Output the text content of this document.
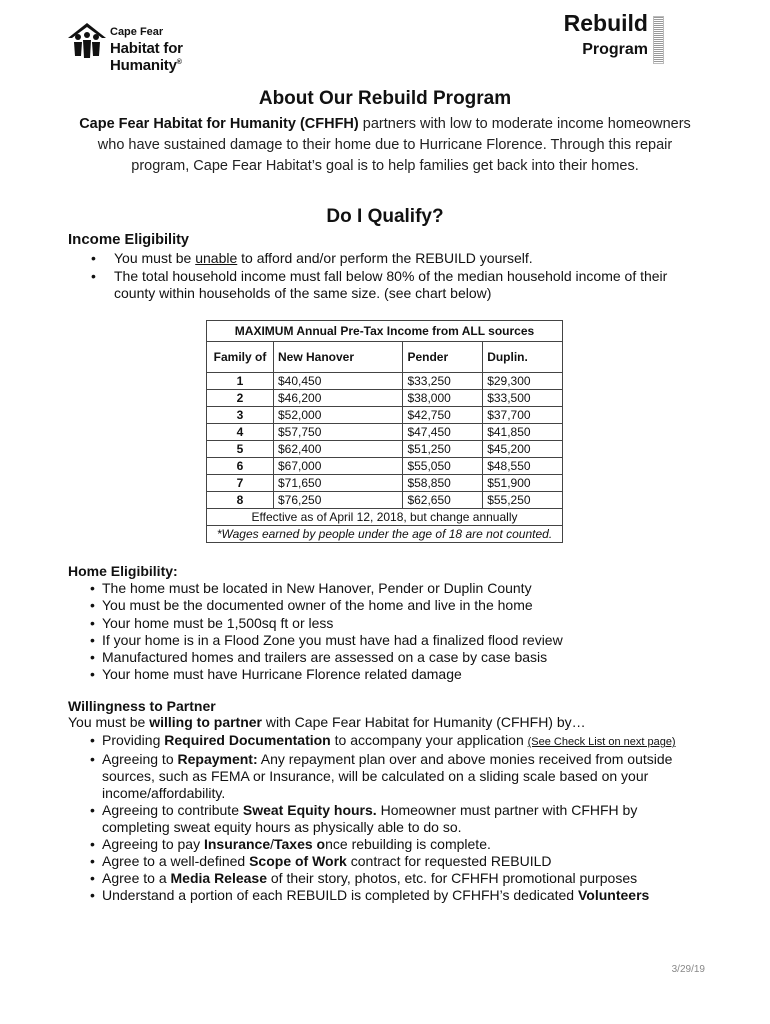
Cape Fear
Habitat for Humanity®
Rebuild
Program
About Our Rebuild Program
Cape Fear Habitat for Humanity (CFHFH) partners with low to moderate income homeowners who have sustained damage to their home due to Hurricane Florence. Through this repair program, Cape Fear Habitat’s goal is to help families get back into their homes.
Do I Qualify?
Income Eligibility
• You must be unable to afford and/or perform the REBUILD yourself.
• The total household income must fall below 80% of the median household income of their county within households of the same size. (see chart below)
MAXIMUM Annual Pre-Tax Income from ALL sources			
Family of	New Hanover	Pender	Duplin.
1	$40,450	$33,250	$29,300
2	$46,200	$38,000	$33,500
3	$52,000	$42,750	$37,700
4	$57,750	$47,450	$41,850
5	$62,400	$51,250	$45,200
6	$67,000	$55,050	$48,550
7	$71,650	$58,850	$51,900
8	$76,250	$62,650	$55,250
Effective as of April 12, 2018, but change annually			
*Wages earned by people under the age of 18 are not counted.			
Home Eligibility:
• The home must be located in New Hanover, Pender or Duplin County
• You must be the documented owner of the home and live in the home
• Your home must be 1,500sq ft or less
• If your home is in a Flood Zone you must have had a finalized flood review
• Manufactured homes and trailers are assessed on a case by case basis
• Your home must have Hurricane Florence related damage
Willingness to Partner
You must be willing to partner with Cape Fear Habitat for Humanity (CFHFH) by…
• Providing Required Documentation to accompany your application (See Check List on next page)
• Agreeing to Repayment: Any repayment plan over and above monies received from outside sources, such as FEMA or Insurance, will be calculated on a sliding scale based on your income/affordability.
• Agreeing to contribute Sweat Equity hours. Homeowner must partner with CFHFH by completing sweat equity hours as physically able to do so.
• Agreeing to pay Insurance/Taxes once rebuilding is complete.
• Agree to a well-defined Scope of Work contract for requested REBUILD
• Agree to a Media Release of their story, photos, etc. for CFHFH promotional purposes
• Understand a portion of each REBUILD is completed by CFHFH’s dedicated Volunteers
3/29/19
